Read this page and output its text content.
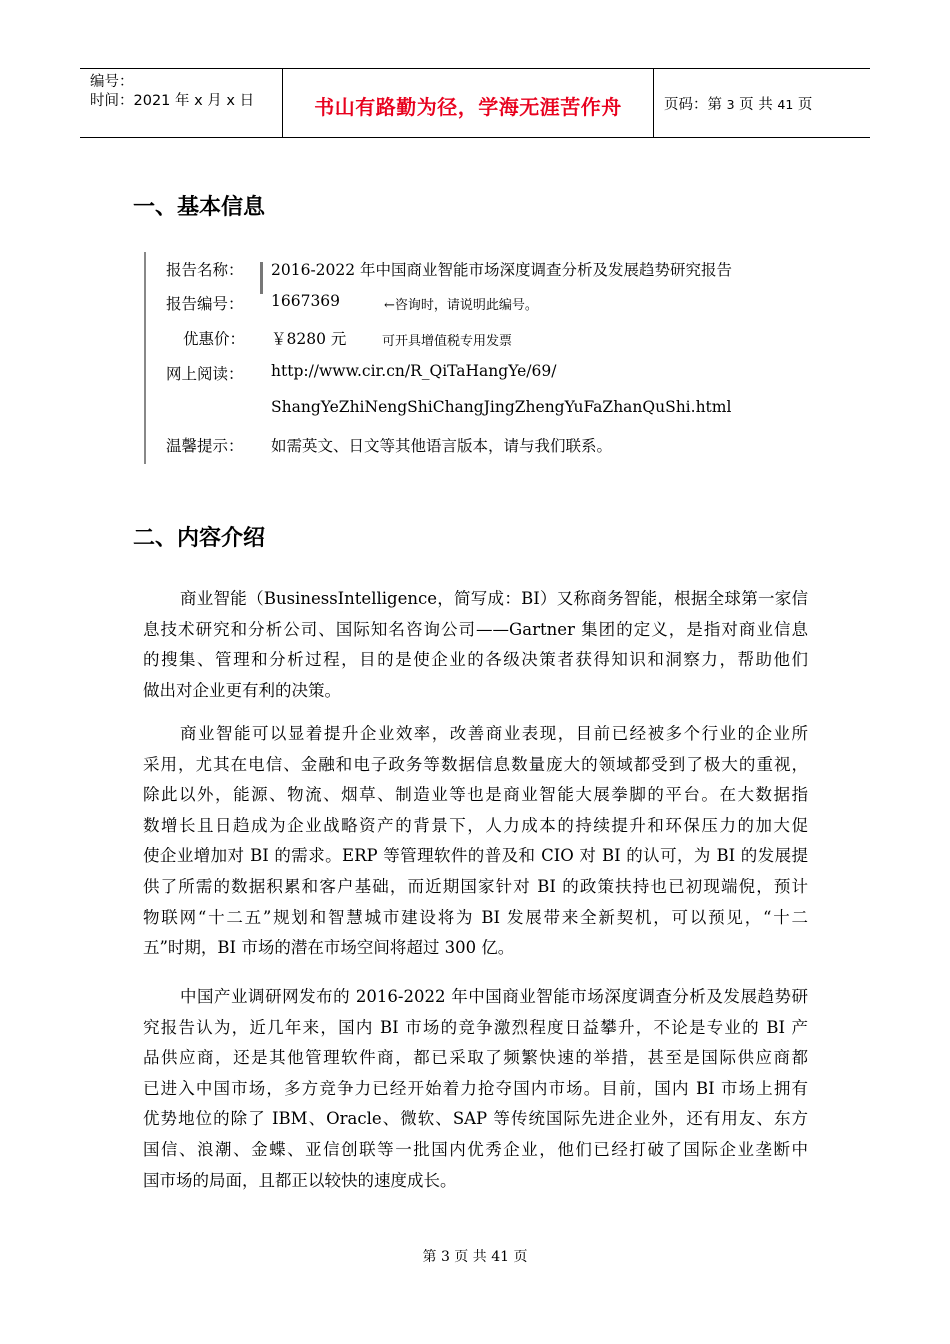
编号：
时间：2021 年 x 月 x 日	书山有路勤为径，学海无涯苦作舟	页码：第 3 页 共 41 页
一、基本信息
报告名称：	2016-2022 年中国商业智能市场深度调查分析及发展趋势研究报告
报告编号：	1667369	←咨询时，请说明此编号。
优惠价： ￥8280 元	可开具增值税专用发票
网上阅读：	http://www.cir.cn/R_QiTaHangYe/69/
ShangYeZhiNengShiChangJingZhengYuFaZhanQuShi.html
温馨提示：	如需英文、日文等其他语言版本，请与我们联系。
二、内容介绍
商业智能（BusinessIntelligence，简写成：BI）又称商务智能，根据全球第一家信
息技术研究和分析公司、国际知名咨询公司——Gartner 集团的定义，是指对商业信息
的搜集、管理和分析过程，目的是使企业的各级决策者获得知识和洞察力，帮助他们
做出对企业更有利的决策。
商业智能可以显着提升企业效率，改善商业表现，目前已经被多个行业的企业所
采用，尤其在电信、金融和电子政务等数据信息数量庞大的领域都受到了极大的重视，
除此以外，能源、物流、烟草、制造业等也是商业智能大展拳脚的平台。在大数据指
数增长且日趋成为企业战略资产的背景下，人力成本的持续提升和环保压力的加大促
使企业增加对 BI 的需求。ERP 等管理软件的普及和 CIO 对 BI 的认可，为 BI 的发展提
供了所需的数据积累和客户基础，而近期国家针对 BI 的政策扶持也已初现端倪，预计
物联网“十二五”规划和智慧城市建设将为 BI 发展带来全新契机，可以预见，“十二
五”时期，BI 市场的潜在市场空间将超过 300 亿。
中国产业调研网发布的 2016-2022 年中国商业智能市场深度调查分析及发展趋势研
究报告认为，近几年来，国内 BI 市场的竞争激烈程度日益攀升，不论是专业的 BI 产
品供应商，还是其他管理软件商，都已采取了频繁快速的举措，甚至是国际供应商都
已进入中国市场，多方竞争力已经开始着力抢夺国内市场。目前，国内 BI 市场上拥有
优势地位的除了 IBM、Oracle、微软、SAP 等传统国际先进企业外，还有用友、东方
国信、浪潮、金蝶、亚信创联等一批国内优秀企业，他们已经打破了国际企业垄断中
国市场的局面，且都正以较快的速度成长。
第 3 页 共 41 页
